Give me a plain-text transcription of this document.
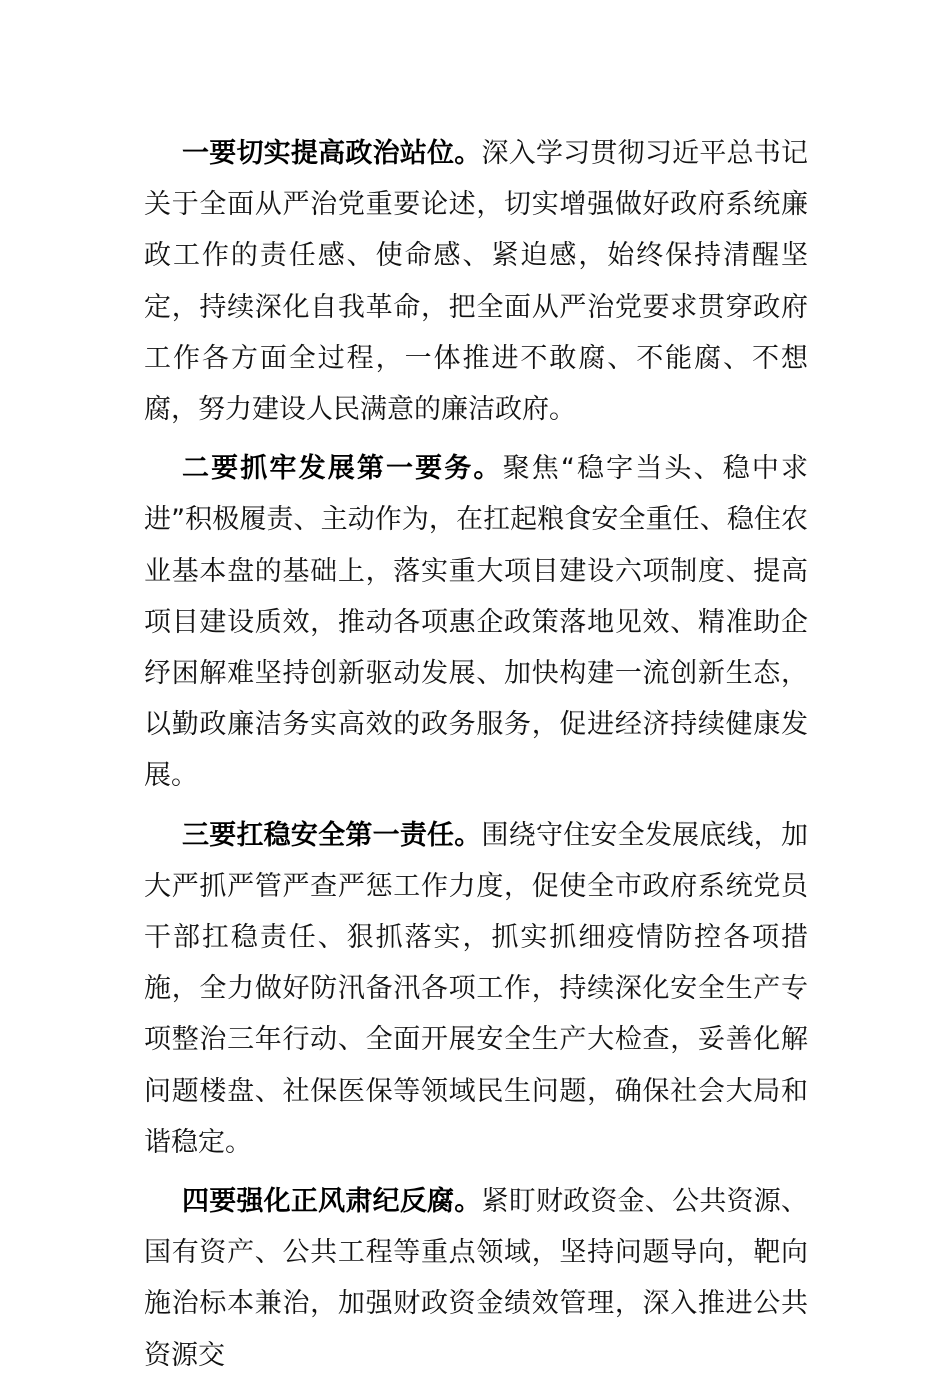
一要切实提高政治站位。深入学习贯彻习近平总书记关于全面从严治党重要论述，切实增强做好政府系统廉政工作的责任感、使命感、紧迫感，始终保持清醒坚定，持续深化自我革命，把全面从严治党要求贯穿政府工作各方面全过程，一体推进不敢腐、不能腐、不想腐，努力建设人民满意的廉洁政府。

二要抓牢发展第一要务。聚焦“稳字当头、稳中求进”积极履责、主动作为，在扛起粮食安全重任、稳住农业基本盘的基础上，落实重大项目建设六项制度、提高项目建设质效，推动各项惠企政策落地见效、精准助企纾困解难坚持创新驱动发展、加快构建一流创新生态，以勤政廉洁务实高效的政务服务，促进经济持续健康发展。

三要扛稳安全第一责任。围绕守住安全发展底线，加大严抓严管严查严惩工作力度，促使全市政府系统党员干部扛稳责任、狠抓落实，抓实抓细疫情防控各项措施，全力做好防汛备汛各项工作，持续深化安全生产专项整治三年行动、全面开展安全生产大检查，妥善化解问题楼盘、社保医保等领域民生问题，确保社会大局和谐稳定。

四要强化正风肃纪反腐。紧盯财政资金、公共资源、国有资产、公共工程等重点领域，坚持问题导向，靶向施治标本兼治，加强财政资金绩效管理，深入推进公共资源交
